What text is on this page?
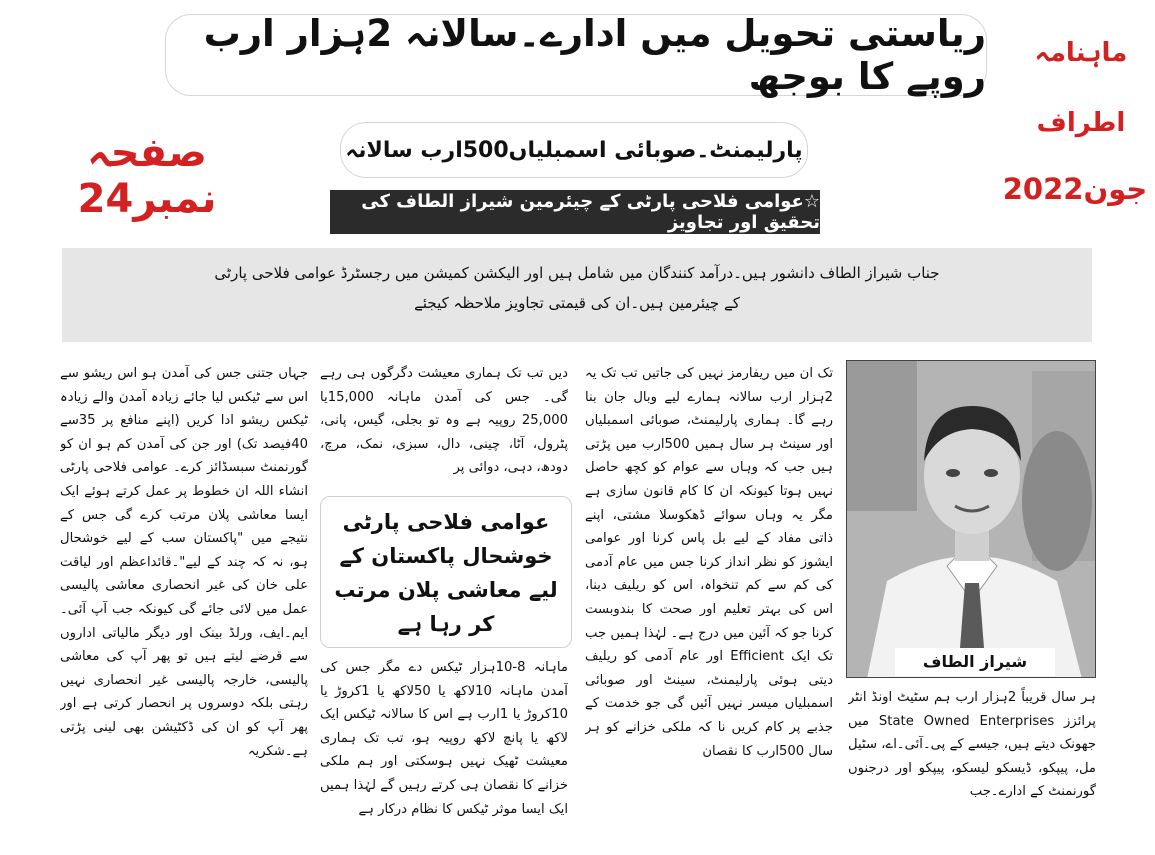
ماہنامہ
اطراف
جون2022
صفحہ نمبر24
ریاستی تحویل میں ادارے۔سالانہ 2ہزار ارب روپے کا بوجھ
پارلیمنٹ۔صوبائی اسمبلیاں500ارب سالانہ
☆عوامی فلاحی پارٹی کے چیئرمین شیراز الطاف کی تحقیق اور تجاویز
جناب شیراز الطاف دانشور ہیں۔درآمد کنندگان میں شامل ہیں اور الیکشن کمیشن میں رجسٹرڈ عوامی فلاحی پارٹی
کے چیئرمین ہیں۔ان کی قیمتی تجاویز ملاحظہ کیجئے
شیراز الطاف
عوامی فلاحی پارٹی خوشحال پاکستان کے لیے معاشی پلان مرتب کر رہا ہے

ہر سال قریباً 2ہزار ارب ہم سٹیٹ اونڈ انٹر پرائزز State Owned Enterprises میں جھونک دیتے ہیں، جیسے کے پی۔آئی۔اے، سٹیل مل، پیپکو، ڈیسکو لیسکو، پیپکو اور درجنوں گورنمنٹ کے ادارے۔جب

تک ان میں ریفارمز نہیں کی جاتیں تب تک یہ 2ہزار ارب سالانہ ہمارے لیے وبال جان بنا رہے گا۔ ہماری پارلیمنٹ، صوبائی اسمبلیاں اور سینٹ ہر سال ہمیں 500ارب میں پڑتی ہیں جب کہ وہاں سے عوام کو کچھ حاصل نہیں ہوتا کیونکہ ان کا کام قانون سازی ہے مگر یہ وہاں سوائے ڈھکوسلا مشتی، اپنے ذاتی مفاد کے لیے بل پاس کرنا اور عوامی ایشوز کو نظر انداز کرنا جس میں عام آدمی کی کم سے کم تنخواہ، اس کو ریلیف دینا، اس کی بہتر تعلیم اور صحت کا بندوبست کرنا جو کہ آئین میں درج ہے۔ لہٰذا ہمیں جب تک ایک Efficient اور عام آدمی کو ریلیف دیتی ہوئی پارلیمنٹ، سینٹ اور صوبائی اسمبلیاں میسر نہیں آئیں گی جو خدمت کے جذبے پر کام کریں نا کہ ملکی خزانے کو ہر سال 500ارب کا نقصان

دیں تب تک ہماری معیشت دگرگوں ہی رہے گی۔ جس کی آمدن ماہانہ 15,000یا 25,000 روپیہ ہے وہ تو بجلی، گیس، پانی، پٹرول، آٹا، چینی، دال، سبزی، نمک، مرچ، دودھ، دہی، دوائی پر

ماہانہ 8-10ہزار ٹیکس دے مگر جس کی آمدن ماہانہ 10لاکھ یا 50لاکھ یا 1کروڑ یا 10کروڑ یا 1ارب ہے اس کا سالانہ ٹیکس ایک لاکھ یا پانچ لاکھ روپیہ ہو، تب تک ہماری معیشت ٹھیک نہیں ہوسکتی اور ہم ملکی خزانے کا نقصان ہی کرتے رہیں گے لہٰذا ہمیں ایک ایسا موثر ٹیکس کا نظام درکار ہے

جہاں جتنی جس کی آمدن ہو اس ریشو سے اس سے ٹیکس لیا جائے زیادہ آمدن والے زیادہ ٹیکس ریشو ادا کریں (اپنے منافع پر 35سے 40فیصد تک) اور جن کی آمدن کم ہو ان کو گورنمنٹ سبسڈائز کرے۔ عوامی فلاحی پارٹی انشاء اللہ ان خطوط پر عمل کرتے ہوئے ایک ایسا معاشی پلان مرتب کرے گی جس کے نتیجے میں "پاکستان سب کے لیے خوشحال ہو، نہ کہ چند کے لیے"۔قائداعظم اور لیاقت علی خان کی غیر انحصاری معاشی پالیسی عمل میں لائی جائے گی کیونکہ جب آپ آئی۔ایم۔ایف، ورلڈ بینک اور دیگر مالیاتی اداروں سے قرضے لیتے ہیں تو پھر آپ کی معاشی پالیسی، خارجہ پالیسی غیر انحصاری نہیں رہتی بلکہ دوسروں پر انحصار کرتی ہے اور پھر آپ کو ان کی ڈکٹیشن بھی لینی پڑتی ہے۔شکریہ
